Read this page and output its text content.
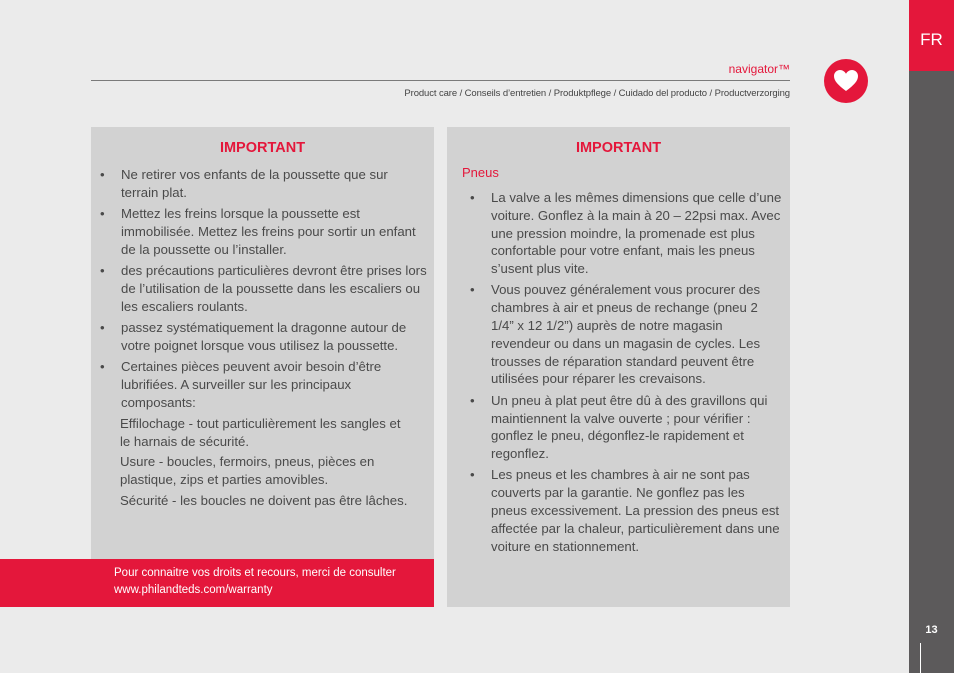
navigator™
Product care / Conseils d’entretien / Produktpflege / Cuidado del producto / Productverzorging
FR
13
IMPORTANT
• Ne retirer vos enfants de la poussette que sur terrain plat.
• Mettez les freins lorsque la poussette est immobilisée. Mettez les freins pour sortir un enfant de la poussette ou l’installer.
• des précautions particulières devront être prises lors de l’utilisation de la poussette dans les escaliers ou les escaliers roulants.
• passez systématiquement la dragonne autour de votre poignet lorsque vous utilisez la poussette.
• Certaines pièces peuvent avoir besoin d’être lubrifiées. A surveiller sur les principaux composants:
Effilochage - tout particulièrement les sangles et le harnais de sécurité.
Usure - boucles, fermoirs, pneus, pièces en plastique, zips et parties amovibles.
Sécurité - les boucles ne doivent pas être lâches.
Pour connaitre vos droits et recours, merci de consulter
www.philandteds.com/warranty
IMPORTANT
Pneus
• La valve a les mêmes dimensions que celle d’une voiture. Gonflez à la main à 20 – 22psi max. Avec une pression moindre, la promenade est plus confortable pour votre enfant, mais les pneus s’usent plus vite.
• Vous pouvez généralement vous procurer des chambres à air et pneus de rechange (pneu 2 1/4” x 12 1/2”) auprès de notre magasin revendeur ou dans un magasin de cycles. Les trousses de réparation standard peuvent être utilisées pour réparer les crevaisons.
• Un pneu à plat peut être dû à des gravillons qui maintiennent la valve ouverte ; pour vérifier : gonflez le pneu, dégonflez-le rapidement et regonflez.
• Les pneus et les chambres à air ne sont pas couverts par la garantie. Ne gonflez pas les pneus excessivement. La pression des pneus est affectée par la chaleur, particulièrement dans une voiture en stationnement.
